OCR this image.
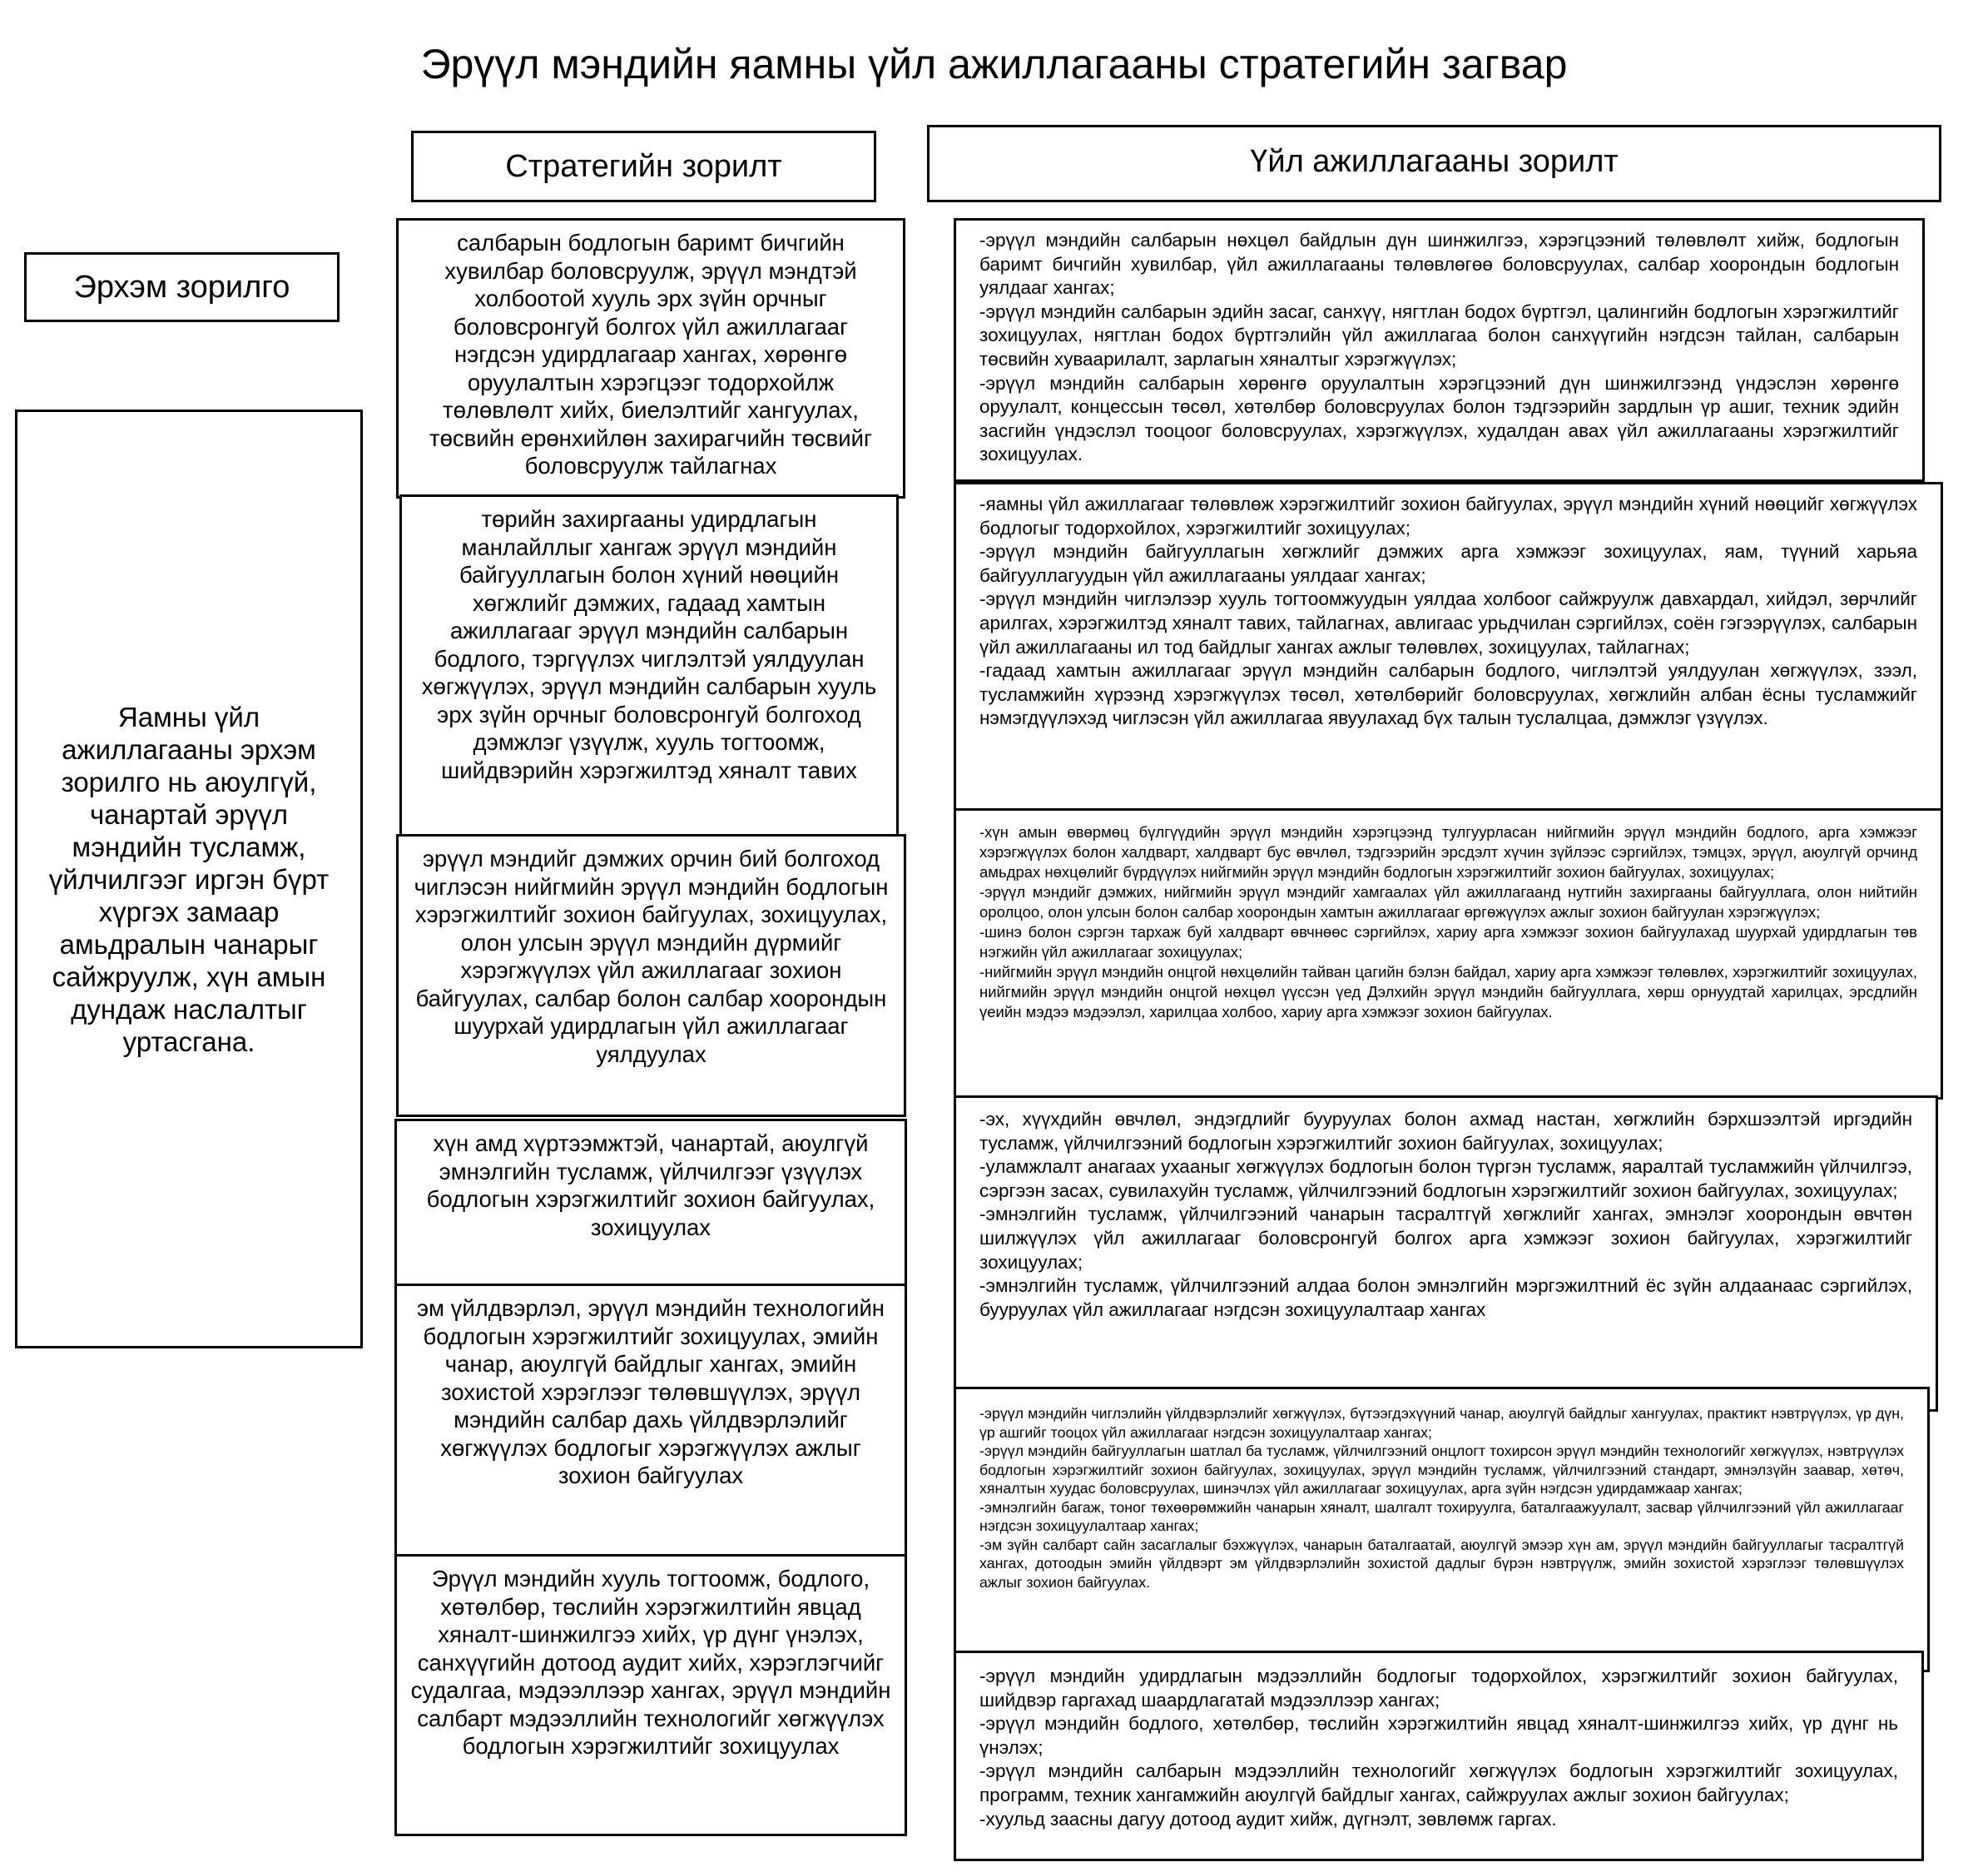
Эрүүл мэндийн яамны үйл ажиллагааны стратегийн загвар
Эрхэм зорилго
Стратегийн зорилт	Үйл ажиллагааны зорилт
Яамны үйл ажиллагааны эрхэм зорилго нь аюулгүй, чанартай эрүүл мэндийн тусламж, үйлчилгээг иргэн бүрт хүргэх замаар амьдралын чанарыг сайжруулж, хүн амын дундаж наслалтыг уртасгана.
салбарын бодлогын баримт бичгийн хувилбар боловсруулж, эрүүл мэндтэй холбоотой хууль эрх зүйн орчныг боловсронгуй болгох үйл ажиллагааг нэгдсэн удирдлагаар хангах, хөрөнгө оруулалтын хэрэгцээг тодорхойлж төлөвлөлт хийх, биелэлтийг хангуулах, төсвийн ерөнхийлөн захирагчийн төсвийг боловсруулж тайлагнах
төрийн захиргааны удирдлагын манлайллыг хангаж эрүүл мэндийн байгууллагын болон хүний нөөцийн хөгжлийг дэмжих, гадаад хамтын ажиллагааг эрүүл мэндийн салбарын бодлого, тэргүүлэх чиглэлтэй уялдуулан хөгжүүлэх, эрүүл мэндийн салбарын хууль эрх зүйн орчныг боловсронгуй болгоход дэмжлэг үзүүлж, хууль тогтоомж, шийдвэрийн хэрэгжилтэд хяналт тавих
эрүүл мэндийг дэмжих орчин бий болгоход чиглэсэн нийгмийн эрүүл мэндийн бодлогын хэрэгжилтийг зохион байгуулах, зохицуулах, олон улсын эрүүл мэндийн дүрмийг хэрэгжүүлэх үйл ажиллагааг зохион байгуулах, салбар болон салбар хоорондын шуурхай удирдлагын үйл ажиллагааг уялдуулах
хүн амд хүртээмжтэй, чанартай, аюулгүй эмнэлгийн тусламж, үйлчилгээг үзүүлэх бодлогын хэрэгжилтийг зохион байгуулах, зохицуулах
эм үйлдвэрлэл, эрүүл мэндийн технологийн бодлогын хэрэгжилтийг зохицуулах, эмийн чанар, аюулгүй байдлыг хангах, эмийн зохистой хэрэглээг төлөвшүүлэх, эрүүл мэндийн салбар дахь үйлдвэрлэлийг хөгжүүлэх бодлогыг хэрэгжүүлэх ажлыг зохион байгуулах
Эрүүл мэндийн хууль тогтоомж, бодлого, хөтөлбөр, төслийн хэрэгжилтийн явцад хяналт-шинжилгээ хийх, үр дүнг үнэлэх, санхүүгийн дотоод аудит хийх, хэрэглэгчийг судалгаа, мэдээллээр хангах, эрүүл мэндийн салбарт мэдээллийн технологийг хөгжүүлэх бодлогын хэрэгжилтийг зохицуулах

-эрүүл мэндийн салбарын нөхцөл байдлын дүн шинжилгээ, хэрэгцээний төлөвлөлт хийж, бодлогын баримт бичгийн хувилбар, үйл ажиллагааны төлөвлөгөө боловсруулах, салбар хоорондын бодлогын уялдааг хангах;

-эрүүл мэндийн салбарын эдийн засаг, санхүү, нягтлан бодох бүртгэл, цалингийн бодлогын хэрэгжилтийг зохицуулах, нягтлан бодох бүртгэлийн үйл ажиллагаа болон санхүүгийн нэгдсэн тайлан, салбарын төсвийн хуваарилалт, зарлагын хяналтыг хэрэгжүүлэх;

-эрүүл мэндийн салбарын хөрөнгө оруулалтын хэрэгцээний дүн шинжилгээнд үндэслэн хөрөнгө оруулалт, концессын төсөл, хөтөлбөр боловсруулах болон тэдгээрийн зардлын үр ашиг, техник эдийн засгийн үндэслэл тооцоог боловсруулах, хэрэгжүүлэх, худалдан авах үйл ажиллагааны хэрэгжилтийг зохицуулах.

-яамны үйл ажиллагааг төлөвлөж хэрэгжилтийг зохион байгуулах, эрүүл мэндийн хүний нөөцийг хөгжүүлэх бодлогыг тодорхойлох, хэрэгжилтийг зохицуулах;

-эрүүл мэндийн байгууллагын хөгжлийг дэмжих арга хэмжээг зохицуулах, яам, түүний харьяа байгууллагуудын үйл ажиллагааны уялдааг хангах;

-эрүүл мэндийн чиглэлээр хууль тогтоомжуудын уялдаа холбоог сайжруулж давхардал, хийдэл, зөрчлийг арилгах, хэрэгжилтэд хяналт тавих, тайлагнах, авлигаас урьдчилан сэргийлэх, соён гэгээрүүлэх, салбарын үйл ажиллагааны ил тод байдлыг хангах ажлыг төлөвлөх, зохицуулах, тайлагнах;

-гадаад хамтын ажиллагааг эрүүл мэндийн салбарын бодлого, чиглэлтэй уялдуулан хөгжүүлэх, зээл, тусламжийн хүрээнд хэрэгжүүлэх төсөл, хөтөлбөрийг боловсруулах, хөгжлийн албан ёсны тусламжийг нэмэгдүүлэхэд чиглэсэн үйл ажиллагаа явуулахад бүх талын туслалцаа, дэмжлэг үзүүлэх.

-хүн амын өвөрмөц бүлгүүдийн эрүүл мэндийн хэрэгцээнд тулгуурласан нийгмийн эрүүл мэндийн бодлого, арга хэмжээг хэрэгжүүлэх болон халдварт, халдварт бус өвчлөл, тэдгээрийн эрсдэлт хүчин зүйлээс сэргийлэх, тэмцэх, эрүүл, аюулгүй орчинд амьдрах нөхцөлийг бүрдүүлэх нийгмийн эрүүл мэндийн бодлогын хэрэгжилтийг зохион байгуулах, зохицуулах;

-эрүүл мэндийг дэмжих, нийгмийн эрүүл мэндийг хамгаалах үйл ажиллагаанд нутгийн захиргааны байгууллага, олон нийтийн оролцоо, олон улсын болон салбар хоорондын хамтын ажиллагааг өргөжүүлэх ажлыг зохион байгуулан хэрэгжүүлэх;

-шинэ болон сэргэн тархаж буй халдварт өвчнөөс сэргийлэх, хариу арга хэмжээг зохион байгуулахад шуурхай удирдлагын төв нэгжийн үйл ажиллагааг зохицуулах;

-нийгмийн эрүүл мэндийн онцгой нөхцөлийн тайван цагийн бэлэн байдал, хариу арга хэмжээг төлөвлөх, хэрэгжилтийг зохицуулах, нийгмийн эрүүл мэндийн онцгой нөхцөл үүссэн үед Дэлхийн эрүүл мэндийн байгууллага, хөрш орнуудтай харилцах, эрсдлийн үеийн мэдээ мэдээлэл, харилцаа холбоо, хариу арга хэмжээг зохион байгуулах.

-эх, хүүхдийн өвчлөл, эндэгдлийг бууруулах болон ахмад настан, хөгжлийн бэрхшээлтэй иргэдийн тусламж, үйлчилгээний бодлогын хэрэгжилтийг зохион байгуулах, зохицуулах;

-уламжлалт анагаах ухааныг хөгжүүлэх бодлогын болон түргэн тусламж, яаралтай тусламжийн үйлчилгээ, сэргээн засах, сувилахуйн тусламж, үйлчилгээний бодлогын хэрэгжилтийг зохион байгуулах, зохицуулах;

-эмнэлгийн тусламж, үйлчилгээний чанарын тасралтгүй хөгжлийг хангах, эмнэлэг хоорондын өвчтөн шилжүүлэх үйл ажиллагааг боловсронгуй болгох арга хэмжээг зохион байгуулах, хэрэгжилтийг зохицуулах;

-эмнэлгийн тусламж, үйлчилгээний алдаа болон эмнэлгийн мэргэжилтний ёс зүйн алдаанаас сэргийлэх, бууруулах үйл ажиллагааг нэгдсэн зохицуулалтаар хангах

-эрүүл мэндийн чиглэлийн үйлдвэрлэлийг хөгжүүлэх, бүтээгдэхүүний чанар, аюулгүй байдлыг хангуулах, практикт нэвтрүүлэх, үр дүн, үр ашгийг тооцох үйл ажиллагааг нэгдсэн зохицуулалтаар хангах;

-эрүүл мэндийн байгууллагын шатлал ба тусламж, үйлчилгээний онцлогт тохирсон эрүүл мэндийн технологийг хөгжүүлэх, нэвтрүүлэх бодлогын хэрэгжилтийг зохион байгуулах, зохицуулах, эрүүл мэндийн тусламж, үйлчилгээний стандарт, эмнэлзүйн заавар, хөтөч, хяналтын хуудас боловсруулах, шинэчлэх үйл ажиллагааг зохицуулах, арга зүйн нэгдсэн удирдамжаар хангах;

-эмнэлгийн багаж, тоног төхөөрөмжийн чанарын хяналт, шалгалт тохируулга, баталгаажуулалт, засвар үйлчилгээний үйл ажиллагааг нэгдсэн зохицуулалтаар хангах;

-эм зүйн салбарт сайн засаглалыг бэхжүүлэх, чанарын баталгаатай, аюулгүй эмээр хүн ам, эрүүл мэндийн байгууллагыг тасралтгүй хангах, дотоодын эмийн үйлдвэрт эм үйлдвэрлэлийн зохистой дадлыг бүрэн нэвтрүүлж, эмийн зохистой хэрэглээг төлөвшүүлэх ажлыг зохион байгуулах.

-эрүүл мэндийн удирдлагын мэдээллийн бодлогыг тодорхойлох, хэрэгжилтийг зохион байгуулах, шийдвэр гаргахад шаардлагатай мэдээллээр хангах;

-эрүүл мэндийн бодлого, хөтөлбөр, төслийн хэрэгжилтийн явцад хяналт-шинжилгээ хийх, үр дүнг нь үнэлэх;

-эрүүл мэндийн салбарын мэдээллийн технологийг хөгжүүлэх бодлогын хэрэгжилтийг зохицуулах, программ, техник хангамжийн аюулгүй байдлыг хангах, сайжруулах ажлыг зохион байгуулах;

-хуульд заасны дагуу дотоод аудит хийж, дүгнэлт, зөвлөмж гаргах.
